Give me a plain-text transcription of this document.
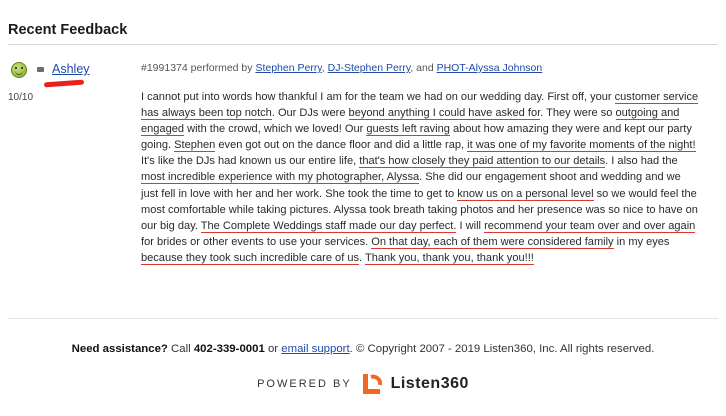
Recent Feedback
Ashley
10/10
#1991374 performed by Stephen Perry, DJ-Stephen Perry, and PHOT-Alyssa Johnson

I cannot put into words how thankful I am for the team we had on our wedding day. First off, your customer service has always been top notch. Our DJs were beyond anything I could have asked for. They were so outgoing and engaged with the crowd, which we loved! Our guests left raving about how amazing they were and kept our party going. Stephen even got out on the dance floor and did a little rap, it was one of my favorite moments of the night! It's like the DJs had known us our entire life, that's how closely they paid attention to our details. I also had the most incredible experience with my photographer, Alyssa. She did our engagement shoot and wedding and we just fell in love with her and her work. She took the time to get to know us on a personal level so we would feel the most comfortable while taking pictures. Alyssa took breath taking photos and her presence was so nice to have on our big day. The Complete Weddings staff made our day perfect. I will recommend your team over and over again for brides or other events to use your services. On that day, each of them were considered family in my eyes because they took such incredible care of us. Thank you, thank you, thank you!!!

Need assistance? Call 402-339-0001 or email support. © Copyright 2007 - 2019 Listen360, Inc. All rights reserved.
POWERED BY Listen360
